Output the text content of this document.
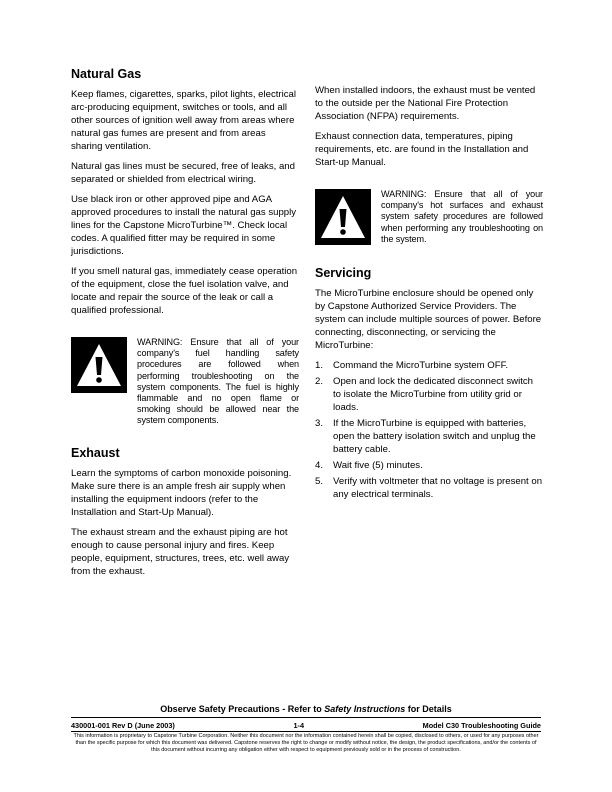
Natural Gas

Keep flames, cigarettes, sparks, pilot lights, electrical arc-producing equipment, switches or tools, and all other sources of ignition well away from areas where natural gas fumes are present and from areas sharing ventilation.

Natural gas lines must be secured, free of leaks, and separated or shielded from electrical wiring.

Use black iron or other approved pipe and AGA approved procedures to install the natural gas supply lines for the Capstone MicroTurbine™. Check local codes. A qualified fitter may be required in some jurisdictions.

If you smell natural gas, immediately cease operation of the equipment, close the fuel isolation valve, and locate and repair the source of the leak or call a qualified professional.

WARNING: Ensure that all of your company's fuel handling safety procedures are followed when performing troubleshooting on the system components. The fuel is highly flammable and no open flame or smoking should be allowed near the system components.

Exhaust

Learn the symptoms of carbon monoxide poisoning. Make sure there is an ample fresh air supply when installing the equipment indoors (refer to the Installation and Start-Up Manual).

The exhaust stream and the exhaust piping are hot enough to cause personal injury and fires. Keep people, equipment, structures, trees, etc. well away from the exhaust.

When installed indoors, the exhaust must be vented to the outside per the National Fire Protection Association (NFPA) requirements.

Exhaust connection data, temperatures, piping requirements, etc. are found in the Installation and Start-up Manual.

WARNING: Ensure that all of your company's hot surfaces and exhaust system safety procedures are followed when performing any troubleshooting on the system.

Servicing

The MicroTurbine enclosure should be opened only by Capstone Authorized Service Providers. The system can include multiple sources of power. Before connecting, disconnecting, or servicing the MicroTurbine:

1.	Command the MicroTurbine system OFF.
2.	Open and lock the dedicated disconnect switch to isolate the MicroTurbine from utility grid or loads.
3.	If the MicroTurbine is equipped with batteries, open the battery isolation switch and unplug the battery cable.
4.	Wait five (5) minutes.
5.	Verify with voltmeter that no voltage is present on any electrical terminals.
Observe Safety Precautions - Refer to Safety Instructions for Details
430001-001 Rev D (June 2003)	1-4	Model C30 Troubleshooting Guide
This information is proprietary to Capstone Turbine Corporation. Neither this document nor the information contained herein shall be copied, disclosed to others, or used for any purposes other than the specific purpose for which this document was delivered. Capstone reserves the right to change or modify without notice, the design, the product specifications, and/or the contents of this document without incurring any obligation either with respect to equipment previously sold or in the process of construction.
